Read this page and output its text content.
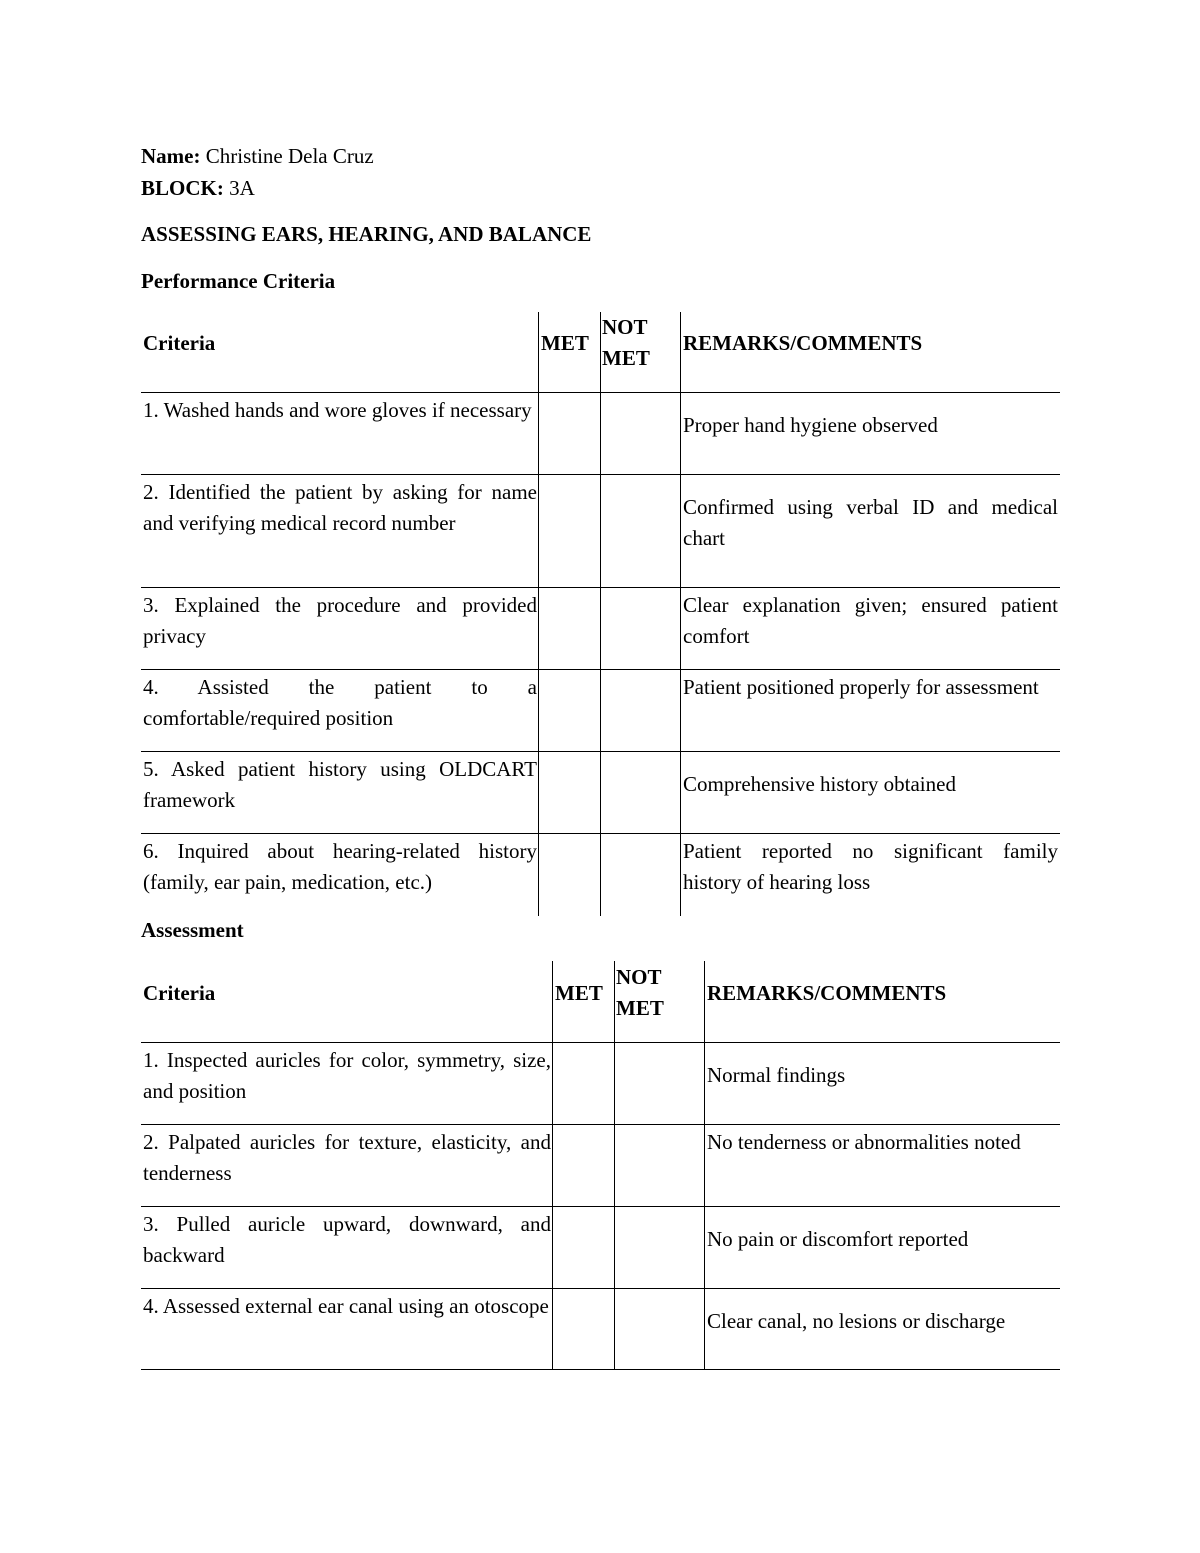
Name: Christine Dela Cruz
BLOCK: 3A
ASSESSING EARS, HEARING, AND BALANCE
Performance Criteria
Criteria	MET
NOT
MET
REMARKS/COMMENTS
1. Washed hands and wore gloves if necessary
Proper hand hygiene observed
2. Identified the patient by asking for name and verifying medical record number
Confirmed using verbal ID and medical chart
3. Explained the procedure and provided privacy
Clear explanation given; ensured patient comfort
4. Assisted the patient to a comfortable/required position
Patient positioned properly for assessment
5. Asked patient history using OLDCART framework
Comprehensive history obtained
6. Inquired about hearing-related history (family, ear pain, medication, etc.)
Patient reported no significant family history of hearing loss
Assessment
Criteria	MET
NOT
MET
REMARKS/COMMENTS
1. Inspected auricles for color, symmetry, size, and position
Normal findings
2. Palpated auricles for texture, elasticity, and tenderness
No tenderness or abnormalities noted
3. Pulled auricle upward, downward, and backward
No pain or discomfort reported
4. Assessed external ear canal using an otoscope
Clear canal, no lesions or discharge
